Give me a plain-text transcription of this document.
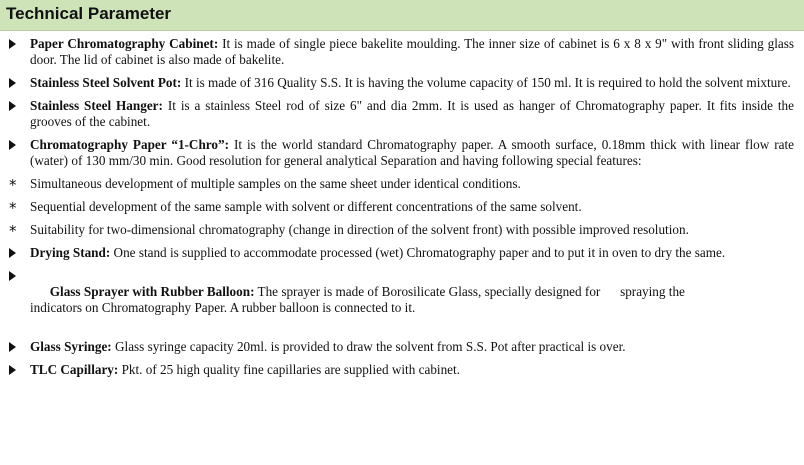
Technical Parameter
Paper Chromatography Cabinet: It is made of single piece bakelite moulding. The inner size of cabinet is 6 x 8 x 9" with front sliding glass door. The lid of cabinet is also made of bakelite.
Stainless Steel Solvent Pot: It is made of 316 Quality S.S. It is having the volume capacity of 150 ml. It is required to hold the solvent mixture.
Stainless Steel Hanger: It is a stainless Steel rod of size 6" and dia 2mm. It is used as hanger of Chromatography paper. It fits inside the grooves of the cabinet.
Chromatography Paper “1-Chro”: It is the world standard Chromatography paper. A smooth surface, 0.18mm thick with linear flow rate (water) of 130 mm/30 min. Good resolution for general analytical Separation and having following special features:
* Simultaneous development of multiple samples on the same sheet under identical conditions.
* Sequential development of the same sample with solvent or different concentrations of the same solvent.
* Suitability for two-dimensional chromatography (change in direction of the solvent front) with possible improved resolution.
Drying Stand: One stand is supplied to accommodate processed (wet) Chromatography paper and to put it in oven to dry the same.

Glass Sprayer with Rubber Balloon: The sprayer is made of Borosilicate Glass, specially designed for      spraying the indicators on Chromatography Paper. A rubber balloon is connected to it.

Glass Syringe: Glass syringe capacity 20ml. is provided to draw the solvent from S.S. Pot after practical is over.
TLC Capillary: Pkt. of 25 high quality fine capillaries are supplied with cabinet.
